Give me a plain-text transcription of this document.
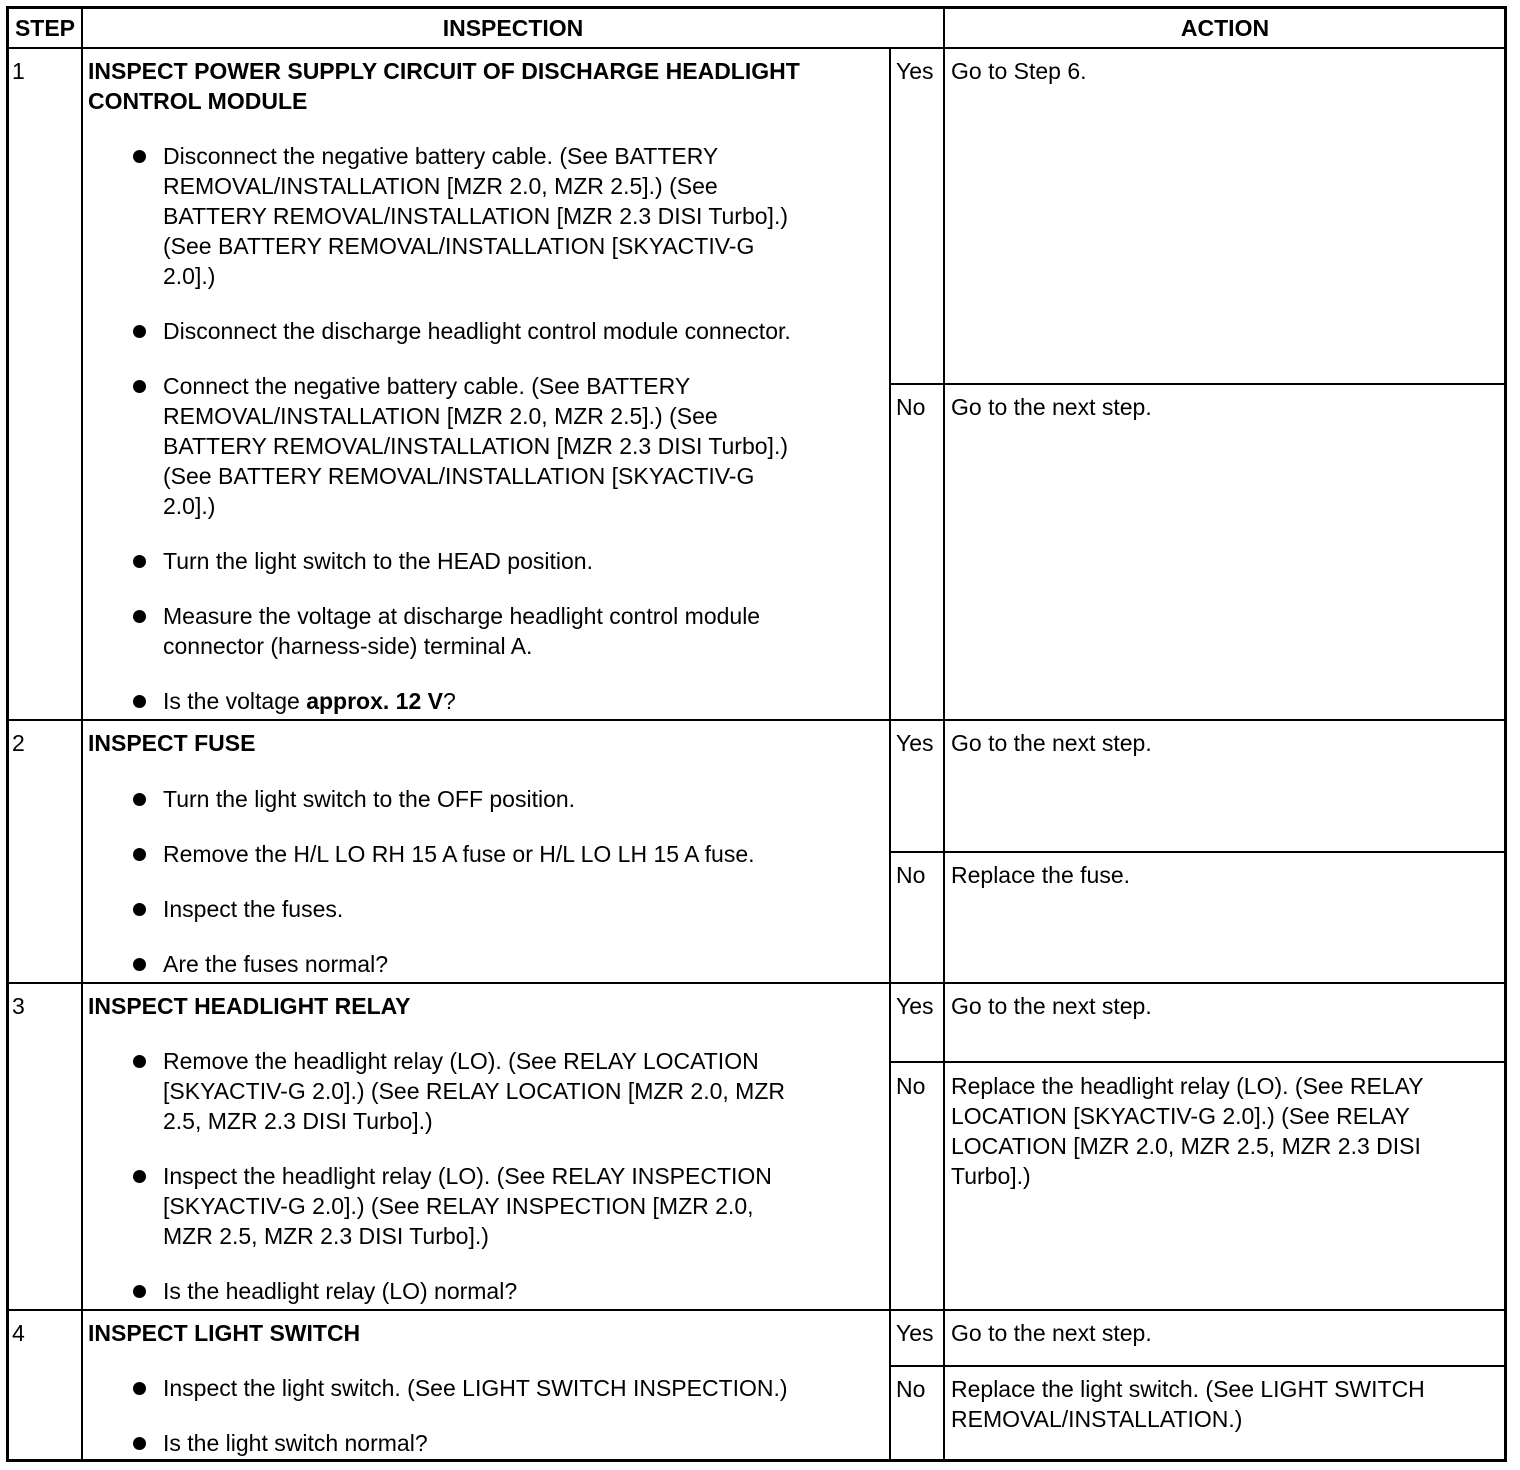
STEP	INSPECTION	ACTION
1	INSPECT POWER SUPPLY CIRCUIT OF DISCHARGE HEADLIGHT
CONTROL MODULE
Disconnect the negative battery cable. (See BATTERY
REMOVAL/INSTALLATION [MZR 2.0, MZR 2.5].) (See
BATTERY REMOVAL/INSTALLATION [MZR 2.3 DISI Turbo].)
(See BATTERY REMOVAL/INSTALLATION [SKYACTIV-G
2.0].)
Disconnect the discharge headlight control module connector.
Connect the negative battery cable. (See BATTERY
REMOVAL/INSTALLATION [MZR 2.0, MZR 2.5].) (See
BATTERY REMOVAL/INSTALLATION [MZR 2.3 DISI Turbo].)
(See BATTERY REMOVAL/INSTALLATION [SKYACTIV-G
2.0].)
Turn the light switch to the HEAD position.
Measure the voltage at discharge headlight control module
connector (harness-side) terminal A.
Is the voltage approx. 12 V?
Yes Go to Step 6.
No Go to the next step.
2	INSPECT FUSE
Turn the light switch to the OFF position.
Remove the H/L LO RH 15 A fuse or H/L LO LH 15 A fuse.
Inspect the fuses.
Are the fuses normal?
Yes Go to the next step.
No Replace the fuse.
3	INSPECT HEADLIGHT RELAY
Remove the headlight relay (LO). (See RELAY LOCATION
[SKYACTIV-G 2.0].) (See RELAY LOCATION [MZR 2.0, MZR
2.5, MZR 2.3 DISI Turbo].)
Inspect the headlight relay (LO). (See RELAY INSPECTION
[SKYACTIV-G 2.0].) (See RELAY INSPECTION [MZR 2.0,
MZR 2.5, MZR 2.3 DISI Turbo].)
Is the headlight relay (LO) normal?
Yes Go to the next step.
No Replace the headlight relay (LO). (See RELAY
LOCATION [SKYACTIV-G 2.0].) (See RELAY
LOCATION [MZR 2.0, MZR 2.5, MZR 2.3 DISI
Turbo].)
4	INSPECT LIGHT SWITCH
Inspect the light switch. (See LIGHT SWITCH INSPECTION.)
Is the light switch normal?
Yes Go to the next step.
No Replace the light switch. (See LIGHT SWITCH
REMOVAL/INSTALLATION.)
